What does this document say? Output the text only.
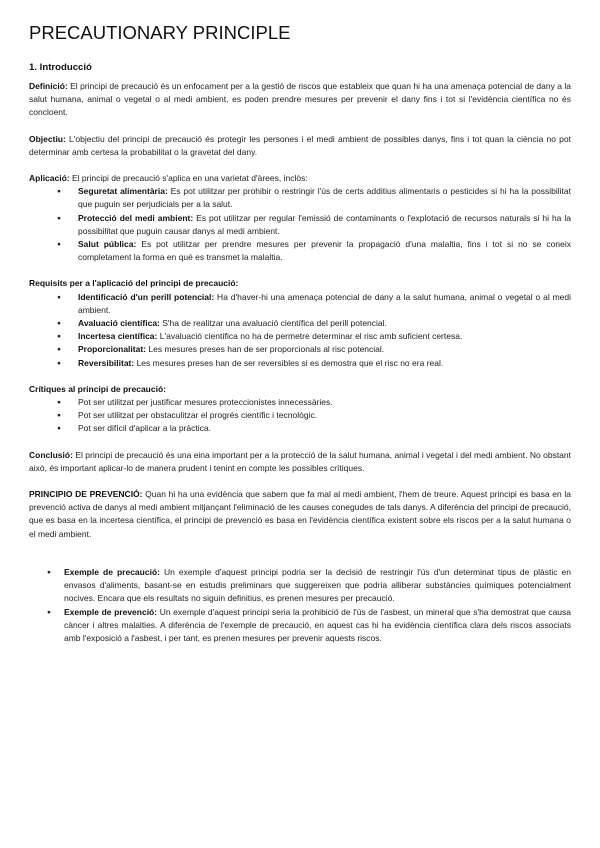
PRECAUTIONARY PRINCIPLE
1. Introducció

Definició: El principi de precaució és un enfocament per a la gestió de riscos que estableix que quan hi ha una amenaça potencial de dany a la salut humana, animal o vegetal o al medi ambient, es poden prendre mesures per prevenir el dany fins i tot si l'evidència científica no és concloent.

Objectiu: L'objectiu del principi de precaució és protegir les persones i el medi ambient de possibles danys, fins i tot quan la ciència no pot determinar amb certesa la probabilitat o la gravetat del dany.

Aplicació: El principi de precaució s'aplica en una varietat d'àrees, inclòs:

● Seguretat alimentària: Es pot utilitzar per prohibir o restringir l'ús de certs additius alimentaris o pesticides si hi ha la possibilitat que puguin ser perjudicials per a la salut.
● Protecció del medi ambient: Es pot utilitzar per regular l'emissió de contaminants o l'explotació de recursos naturals si hi ha la possibilitat que puguin causar danys al medi ambient.
● Salut pública: Es pot utilitzar per prendre mesures per prevenir la propagació d'una malaltia, fins i tot si no se coneix completament la forma en què es transmet la malaltia.
Requisits per a l'aplicació del principi de precaució:
● Identificació d'un perill potencial: Ha d'haver-hi una amenaça potencial de dany a la salut humana, animal o vegetal o al medi ambient.
● Avaluació científica: S'ha de realitzar una avaluació científica del perill potencial.
● Incertesa científica: L'avaluació científica no ha de permetre determinar el risc amb suficient certesa.
● Proporcionalitat: Les mesures preses han de ser proporcionals al risc potencial.
● Reversibilitat: Les mesures preses han de ser reversibles si es demostra que el risc no era real.
Crítiques al principi de precaució:
● Pot ser utilitzat per justificar mesures proteccionistes innecessàries.
● Pot ser utilitzat per obstaculitzar el progrés científic i tecnològic.
● Pot ser difícil d'aplicar a la pràctica.

Conclusió: El principi de precaució és una eina important per a la protecció de la salut humana, animal i vegetal i del medi ambient. No obstant això, és important aplicar-lo de manera prudent i tenint en compte les possibles crítiques.

PRINCIPIO DE PREVENCIÓ: Quan hi ha una evidència que sabem que fa mal al medi ambient, l'hem de treure. Aquest principi es basa en la prevenció activa de danys al medi ambient mitjançant l'eliminació de les causes conegudes de tals danys. A diferència del principi de precaució, que es basa en la incertesa científica, el principi de prevenció es basa en l'evidència científica existent sobre els riscos per a la salut humana o el medi ambient.

● Exemple de precaució: Un exemple d'aquest principi podria ser la decisió de restringir l'ús d'un determinat tipus de plàstic en envasos d'aliments, basant-se en estudis preliminars que suggereixen que podria alliberar substàncies químiques potencialment nocives. Encara que els resultats no siguin definitius, es prenen mesures per precaució.
● Exemple de prevenció: Un exemple d'aquest principi seria la prohibició de l'ús de l'asbest, un mineral que s'ha demostrat que causa càncer i altres malalties. A diferència de l'exemple de precaució, en aquest cas hi ha evidència científica clara dels riscos associats amb l'exposició a l'asbest, i per tant, es prenen mesures per prevenir aquests riscos.
